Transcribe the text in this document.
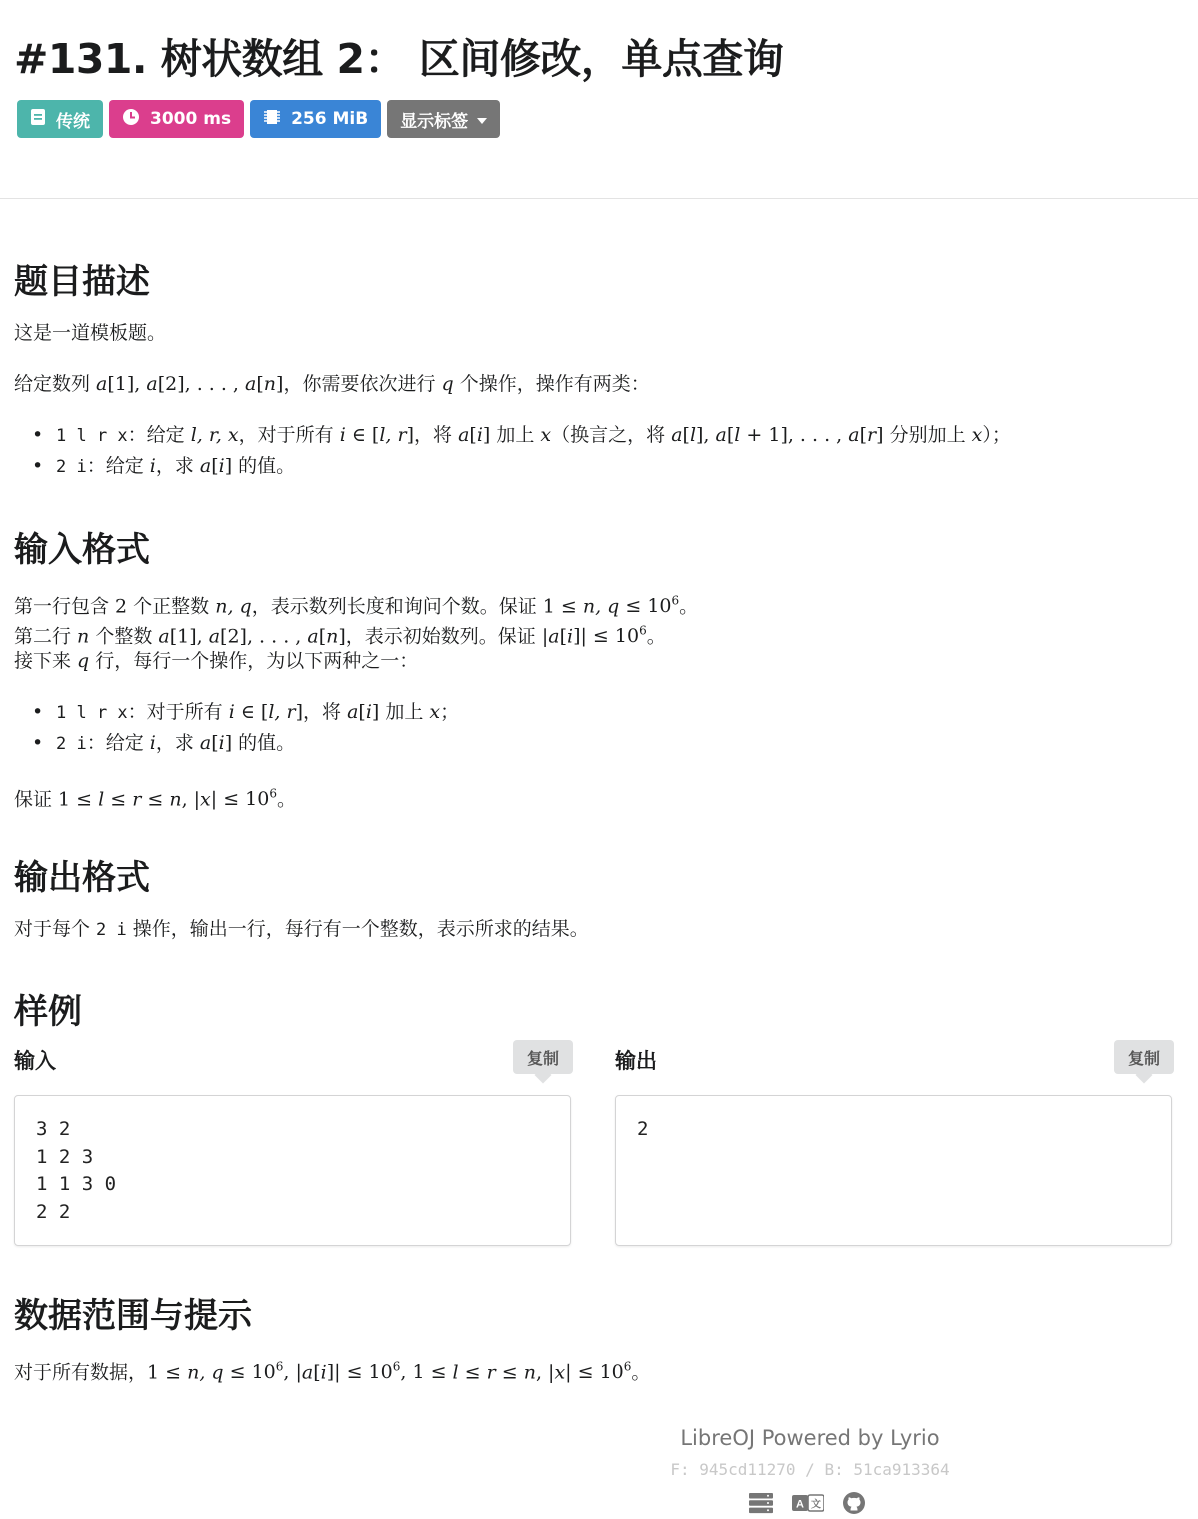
#131. 树状数组 2： 区间修改，单点查询
传统	3000 ms	256 MiB 显示标签
题目描述

这是一道模板题。

给定数列 a[1], a[2], . . . , a[n]，你需要依次进行 q 个操作，操作有两类：

• 1 l r x：给定 l, r, x，对于所有 i ∈ [l, r]，将 a[i] 加上 x（换言之，将 a[l], a[l + 1], . . . , a[r] 分别加上 x）；
• 2 i：给定 i，求 a[i] 的值。
输入格式

第一行包含 2 个正整数 n, q，表示数列长度和询问个数。保证 1 ≤ n, $q \le 10^6$。

第二行 n 个整数 a[1], a[2], . . . , a[n]，表示初始数列。保证 $|a[i]| \le 10^6$。

接下来 q 行，每行一个操作，为以下两种之一：

• 1 l r x：对于所有 i ∈ [l, r]，将 a[i] 加上 x；
• 2 i：给定 i，求 a[i] 的值。

保证 1 ≤ l ≤ r ≤ n, $|x| \le 10^6$。

输出格式

对于每个 2 i 操作，输出一行，每行有一个整数，表示所求的结果。

样例
输入	复制
3 2
1 2 3
1 1 3 0
2 2
输出	复制
2
数据范围与提示

对于所有数据，1 ≤ n, $q \le 10^6$, $|a[i]| \le 10^6$, 1 ≤ l ≤ r ≤ n, $|x| \le 10^6$。

LibreOJ Powered by Lyrio
F: 945cd11270 / B: 51ca913364
A 文
